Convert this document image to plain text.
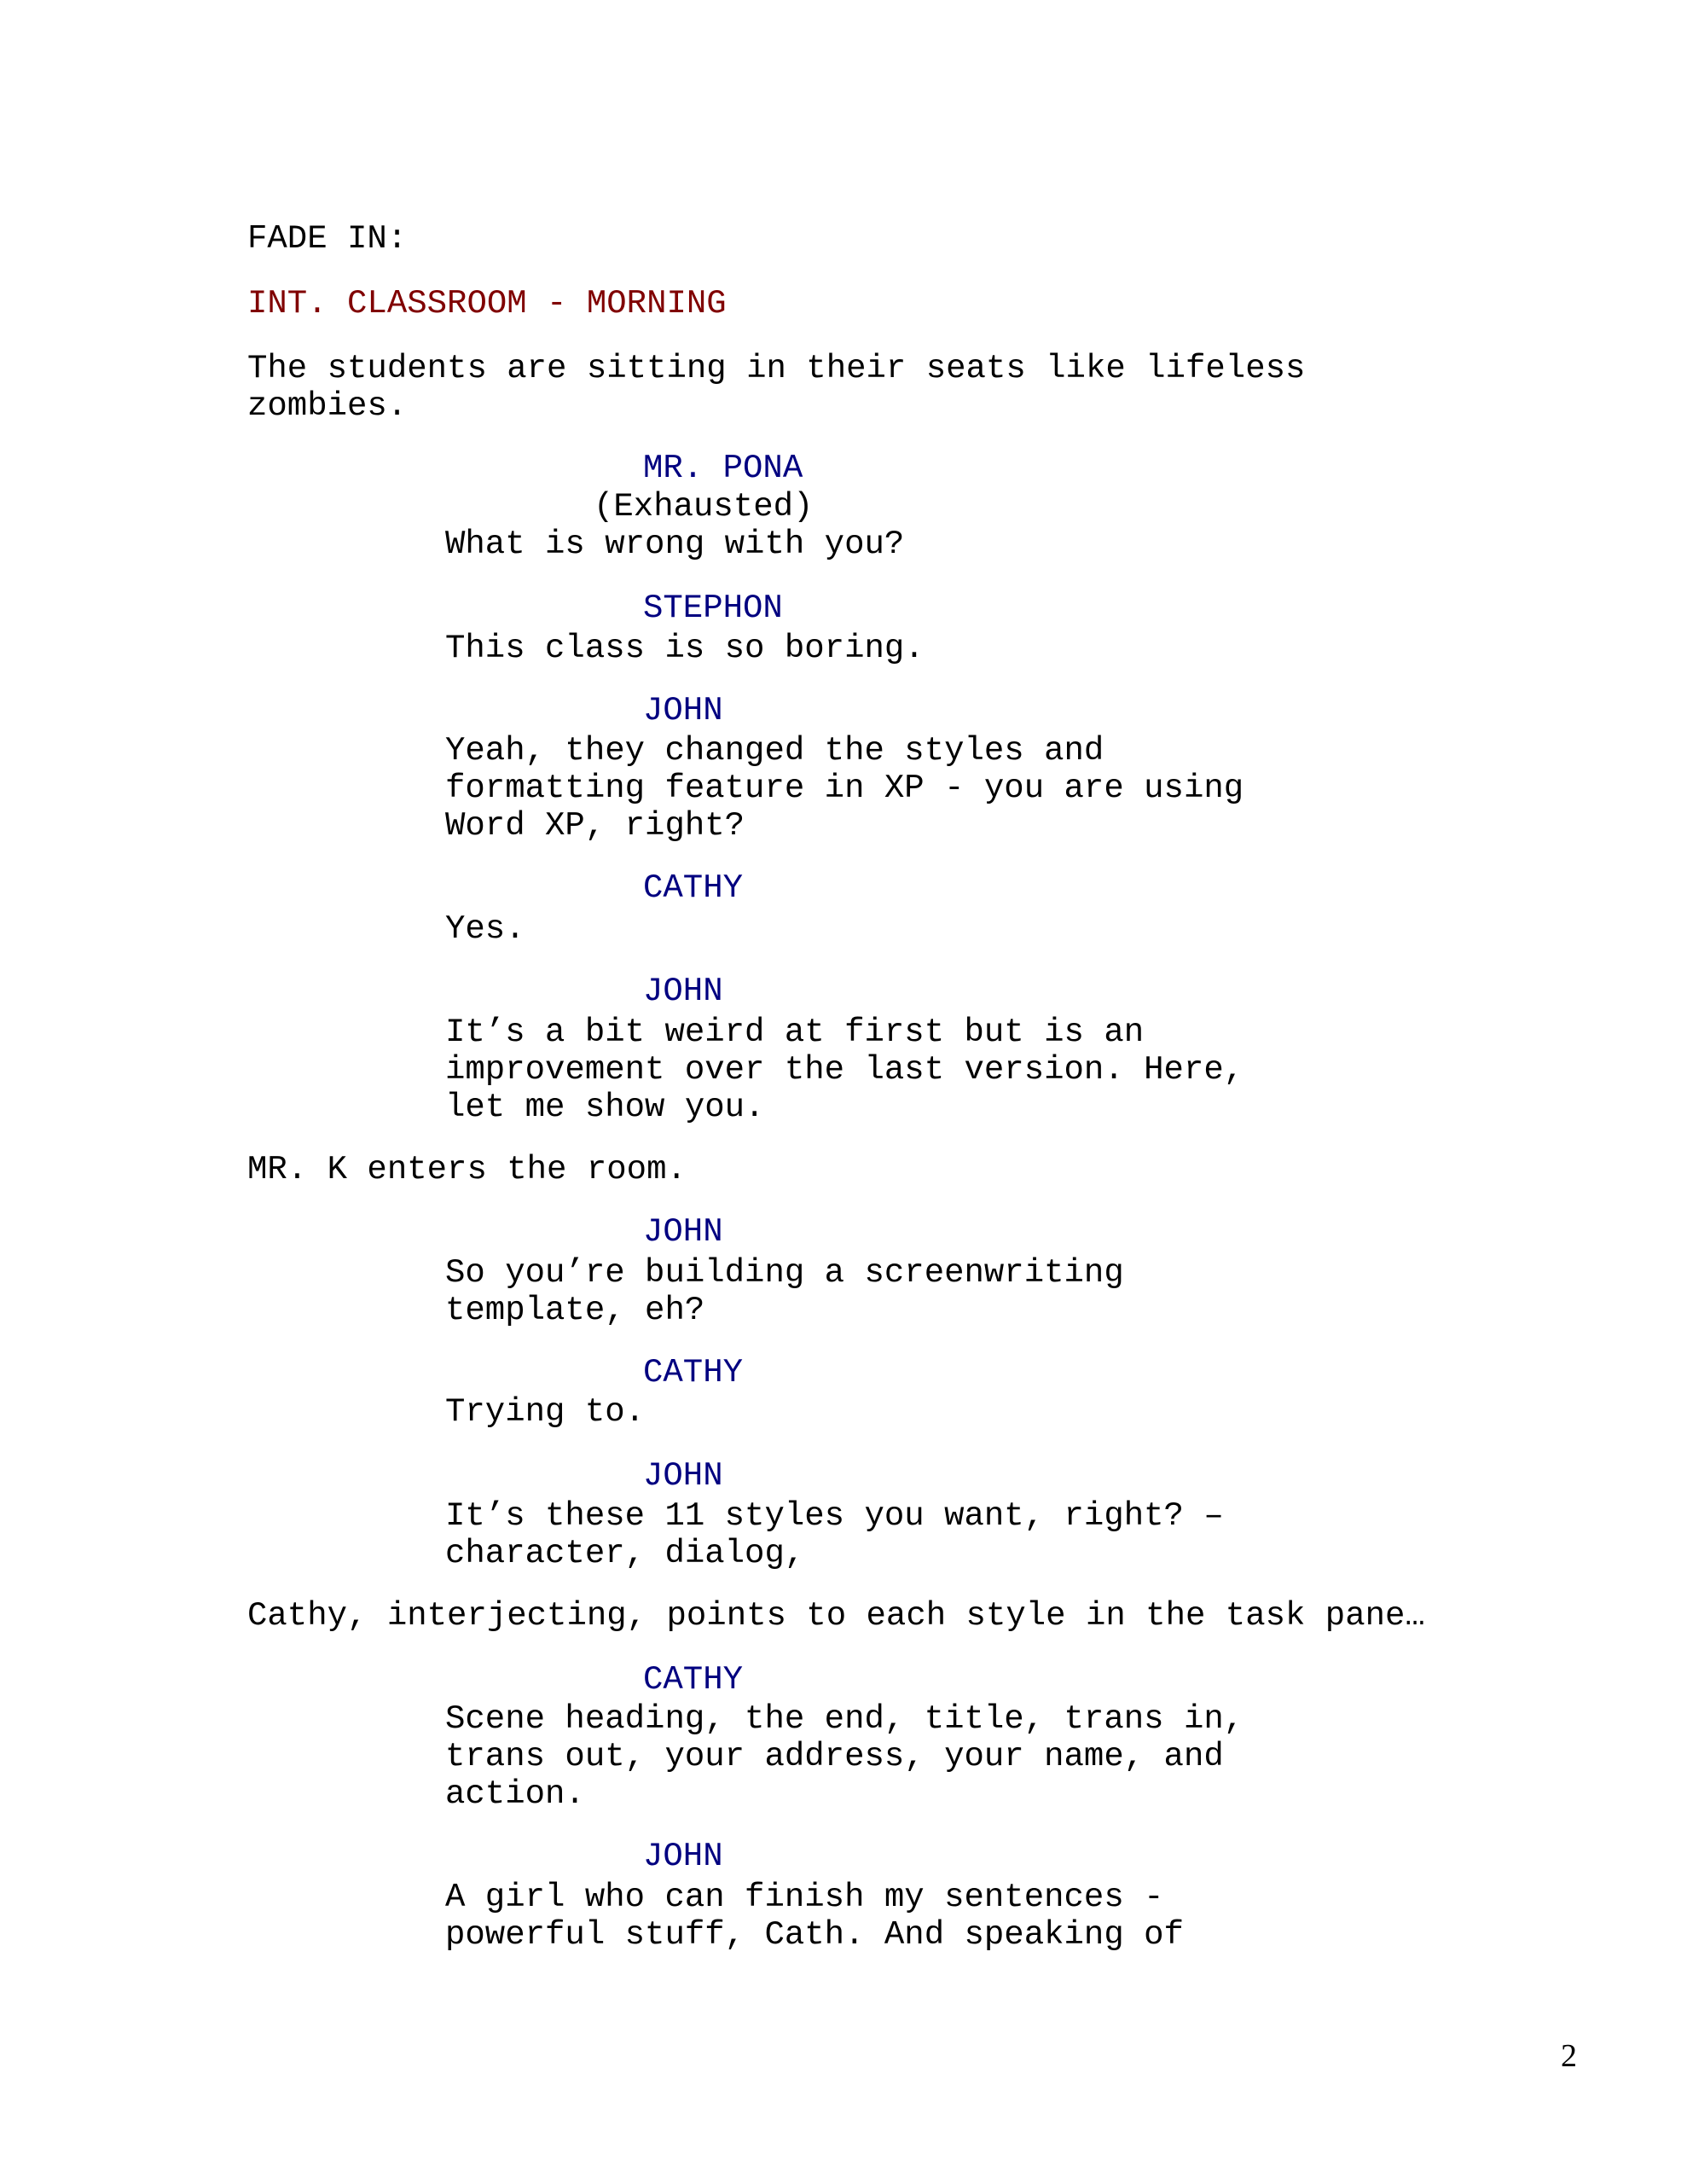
FADE IN:

INT. CLASSROOM - MORNING

The students are sitting in their seats like lifeless

zombies.

MR. PONA

(Exhausted)

What is wrong with you?

STEPHON

This class is so boring.

JOHN

Yeah, they changed the styles and

formatting feature in XP - you are using

Word XP, right?

CATHY

Yes.

JOHN

It’s a bit weird at first but is an

improvement over the last version. Here,

let me show you.

MR. K enters the room.

JOHN

So you’re building a screenwriting

template, eh?

CATHY

Trying to.

JOHN

It’s these 11 styles you want, right? –

character, dialog,

Cathy, interjecting, points to each style in the task pane…

CATHY

Scene heading, the end, title, trans in,

trans out, your address, your name, and

action.

JOHN

A girl who can finish my sentences -

powerful stuff, Cath. And speaking of

2
